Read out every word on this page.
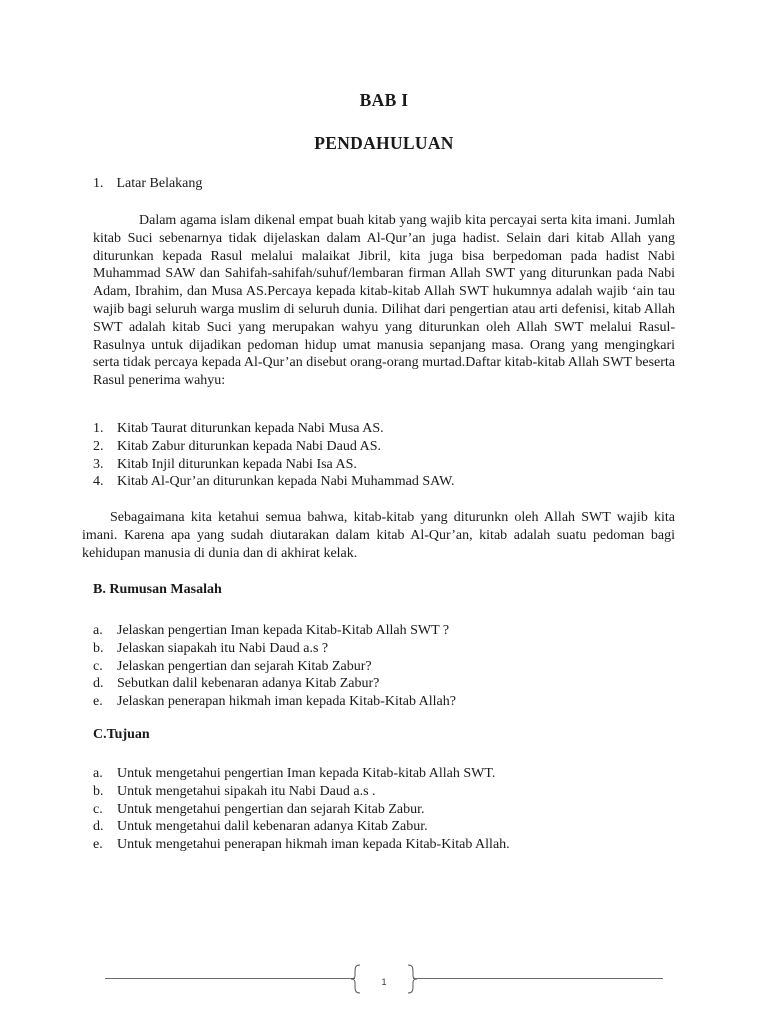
BAB I
PENDAHULUAN
1. Latar Belakang

Dalam agama islam dikenal empat buah kitab yang wajib kita percayai serta kita imani. Jumlah kitab Suci sebenarnya tidak dijelaskan dalam Al-Qur’an juga hadist. Selain dari kitab Allah yang diturunkan kepada Rasul melalui malaikat Jibril, kita juga bisa berpedoman pada hadist Nabi Muhammad SAW dan Sahifah-sahifah/suhuf/lembaran firman Allah SWT yang diturunkan pada Nabi Adam, Ibrahim, dan Musa AS.Percaya kepada kitab-kitab Allah SWT hukumnya adalah wajib ‘ain tau wajib bagi seluruh warga muslim di seluruh dunia. Dilihat dari pengertian atau arti defenisi, kitab Allah SWT adalah kitab Suci yang merupakan wahyu yang diturunkan oleh Allah SWT melalui Rasul-Rasulnya untuk dijadikan pedoman hidup umat manusia sepanjang masa. Orang yang mengingkari serta tidak percaya kepada Al-Qur’an disebut orang-orang murtad.Daftar kitab-kitab Allah SWT beserta Rasul penerima wahyu:

1. Kitab Taurat diturunkan kepada Nabi Musa AS.
2. Kitab Zabur diturunkan kepada Nabi Daud AS.
3. Kitab Injil diturunkan kepada Nabi Isa AS.
4. Kitab Al-Qur’an diturunkan kepada Nabi Muhammad SAW.

Sebagaimana kita ketahui semua bahwa, kitab-kitab yang diturunkn oleh Allah SWT wajib kita imani. Karena apa yang sudah diutarakan dalam kitab Al-Qur’an, kitab adalah suatu pedoman bagi kehidupan manusia di dunia dan di akhirat kelak.

B. Rumusan Masalah
a. Jelaskan pengertian Iman kepada Kitab-Kitab Allah SWT ?
b. Jelaskan siapakah itu Nabi Daud a.s ?
c. Jelaskan pengertian dan sejarah Kitab Zabur?
d. Sebutkan dalil kebenaran adanya Kitab Zabur?
e. Jelaskan penerapan hikmah iman kepada Kitab-Kitab Allah?
C.Tujuan
a. Untuk mengetahui pengertian Iman kepada Kitab-kitab Allah SWT.
b. Untuk mengetahui sipakah itu Nabi Daud a.s .
c. Untuk mengetahui pengertian dan sejarah Kitab Zabur.
d. Untuk mengetahui dalil kebenaran adanya Kitab Zabur.
e. Untuk mengetahui penerapan hikmah iman kepada Kitab-Kitab Allah.
1
